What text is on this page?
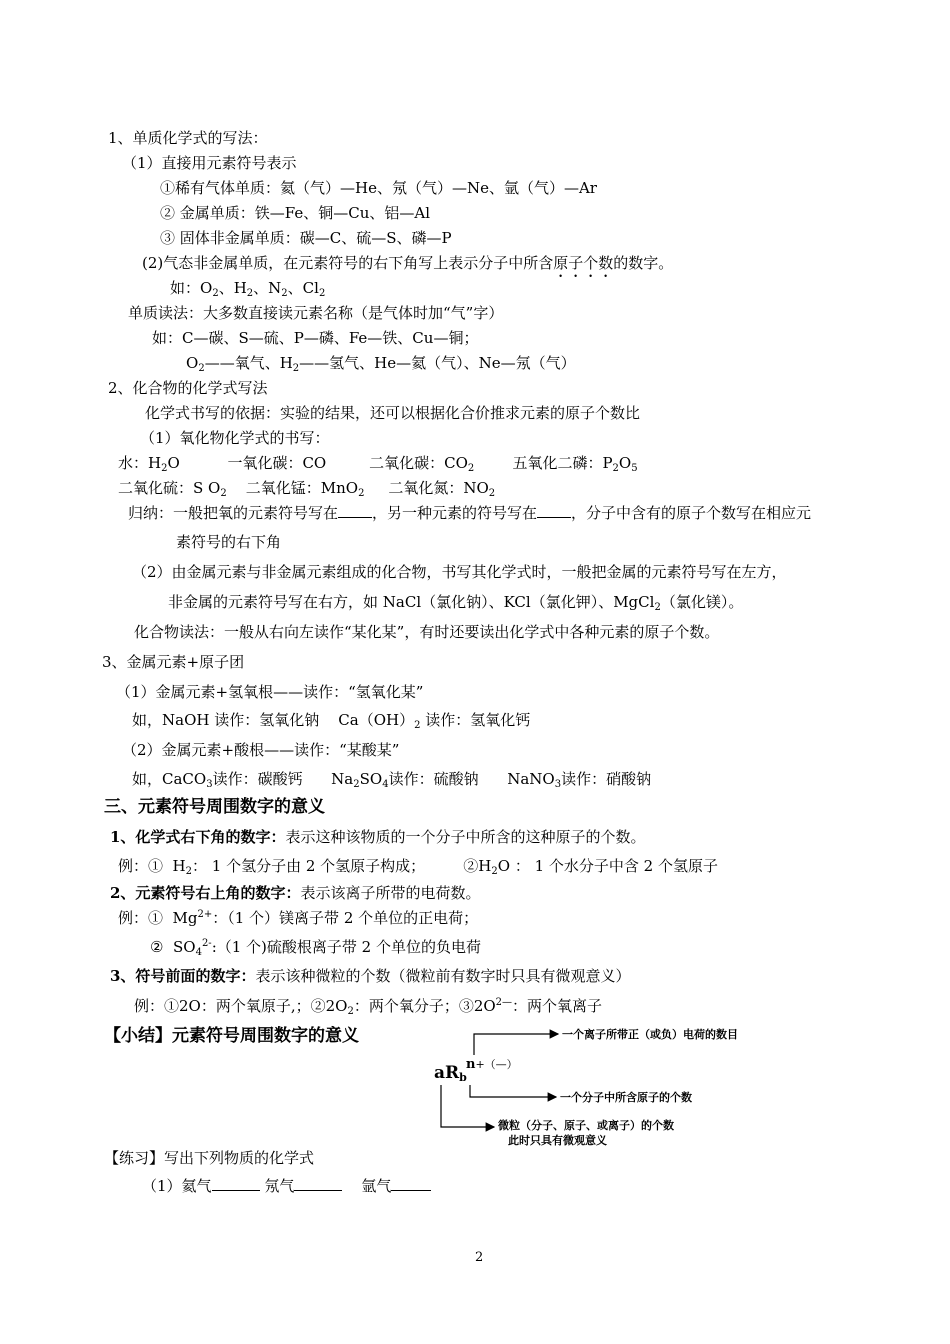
1、单质化学式的写法：
（1）直接用元素符号表示
①稀有气体单质：氦（气）—He、氖（气）—Ne、氩（气）—Ar
② 金属单质：铁—Fe、铜—Cu、铝—Al
③ 固体非金属单质：碳—C、硫—S、磷—P
(2)气态非金属单质，在元素符号的右下角写上表示分子中所含原子个数的数字。
如：$O_2$、$H_2$、$N_2$、$Cl_2$
单质读法：大多数直接读元素名称（是气体时加“气”字）
如：C—碳、S—硫、P—磷、Fe—铁、Cu—铜；
$O_2——$氧气、$H_2——$氢气、He—氦（气）、Ne—氖（气）
2、化合物的化学式写法
化学式书写的依据：实验的结果，还可以根据化合价推求元素的原子个数比
（1）氧化物化学式的书写：
水：$H_2O$          一氧化碳：CO         二氧化碳：$CO_2$        五氧化二磷：$P_2O_5$
二氧化硫：S $O_2$    二氧化锰：MnO$_2$     二氧化氮：$NO_2$
归纳：一般把氧的元素符号写在 ，另一种元素的符号写在 ，分子中含有的原子个数写在相应元
素符号的右下角
（2）由金属元素与非金属元素组成的化合物，书写其化学式时，一般把金属的元素符号写在左方，
非金属的元素符号写在右方，如 NaCl（氯化钠）、KCl（氯化钾）、MgCl$_2$（氯化镁）。
化合物读法：一般从右向左读作“某化某”，有时还要读出化学式中各种元素的原子个数。
3、金属元素+原子团
（1）金属元素+氢氧根——读作：“氢氧化某”
如，NaOH 读作：氢氧化钠    $Ca(OH)_2$ 读作：氢氧化钙
（2）金属元素+酸根——读作：“某酸某”
如，CaCO$_3$读作：碳酸钙      $Na_2SO_4$读作：硫酸钠      NaNO$_3$读作：硝酸钠
三、元素符号周围数字的意义
1、化学式右下角的数字：表示这种该物质的一个分子中所含的这种原子的个数。
例：①  $H_2$： 1 个氢分子由 2 个氢原子构成；        $②H_2O$ ： 1 个水分子中含 2 个氢原子
2、元素符号右上角的数字：表示该离子所带的电荷数。
例：①  $Mg^{2+}$：（1 个）镁离子带 2 个单位的正电荷；
②  $SO_4^{2-}:(1$ 个)硫酸根离子带 2 个单位的负电荷
3、符号前面的数字：表示该种微粒的个数（微粒前有数字时只具有微观意义）
例：①2O：两个氧原子,；$②2O_2$：两个氧分子；$③2O^{2—}$：两个氧离子
【小结】元素符号周围数字的意义
$aR_b$
n+（—）
一个离子所带正（或负）电荷的数目
一个分子中所含原子的个数
微粒（分子、原子、或离子）的个数
此时只具有微观意义
【练习】写出下列物质的化学式
（1）氦气	氖气	氩气
2
